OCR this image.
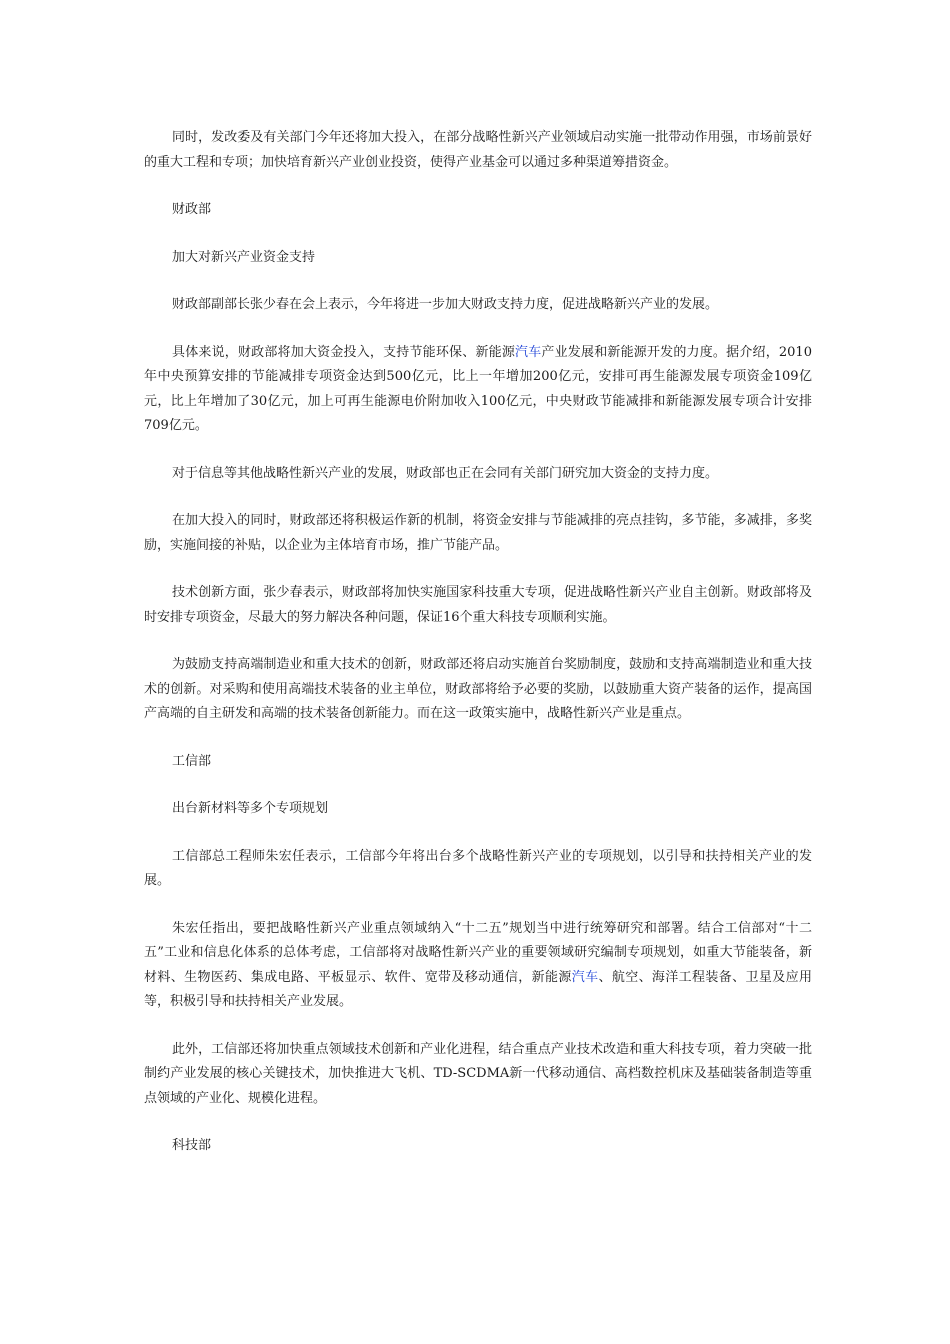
同时，发改委及有关部门今年还将加大投入，在部分战略性新兴产业领域启动实施一批带动作用强，市场前景好的重大工程和专项；加快培育新兴产业创业投资，使得产业基金可以通过多种渠道筹措资金。

财政部

加大对新兴产业资金支持

财政部副部长张少春在会上表示，今年将进一步加大财政支持力度，促进战略新兴产业的发展。

具体来说，财政部将加大资金投入，支持节能环保、新能源汽车产业发展和新能源开发的力度。据介绍，2010年中央预算安排的节能减排专项资金达到500亿元，比上一年增加200亿元，安排可再生能源发展专项资金109亿元，比上年增加了30亿元，加上可再生能源电价附加收入100亿元，中央财政节能减排和新能源发展专项合计安排709亿元。

对于信息等其他战略性新兴产业的发展，财政部也正在会同有关部门研究加大资金的支持力度。

在加大投入的同时，财政部还将积极运作新的机制，将资金安排与节能减排的亮点挂钩，多节能，多减排，多奖励，实施间接的补贴，以企业为主体培育市场，推广节能产品。

技术创新方面，张少春表示，财政部将加快实施国家科技重大专项，促进战略性新兴产业自主创新。财政部将及时安排专项资金，尽最大的努力解决各种问题，保证16个重大科技专项顺利实施。

为鼓励支持高端制造业和重大技术的创新，财政部还将启动实施首台奖励制度，鼓励和支持高端制造业和重大技术的创新。对采购和使用高端技术装备的业主单位，财政部将给予必要的奖励，以鼓励重大资产装备的运作，提高国产高端的自主研发和高端的技术装备创新能力。而在这一政策实施中，战略性新兴产业是重点。

工信部

出台新材料等多个专项规划

工信部总工程师朱宏任表示，工信部今年将出台多个战略性新兴产业的专项规划，以引导和扶持相关产业的发展。

朱宏任指出，要把战略性新兴产业重点领域纳入“十二五”规划当中进行统筹研究和部署。结合工信部对“十二五”工业和信息化体系的总体考虑，工信部将对战略性新兴产业的重要领域研究编制专项规划，如重大节能装备，新材料、生物医药、集成电路、平板显示、软件、宽带及移动通信，新能源汽车、航空、海洋工程装备、卫星及应用等，积极引导和扶持相关产业发展。

此外，工信部还将加快重点领域技术创新和产业化进程，结合重点产业技术改造和重大科技专项，着力突破一批制约产业发展的核心关键技术，加快推进大飞机、TD-SCDMA新一代移动通信、高档数控机床及基础装备制造等重点领域的产业化、规模化进程。

科技部
